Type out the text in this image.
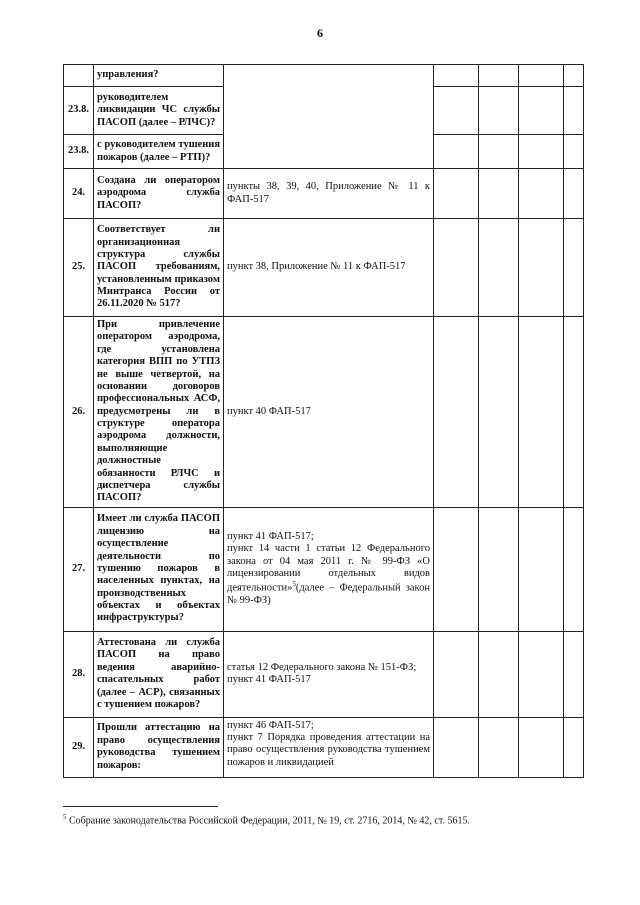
6
	управления?					
23.8.	руководителем ликвидации ЧС службы ПАСОП (далее – РЛЧС)?					
23.8.	с руководителем тушения пожаров (далее – РТП)?					
24.	Создана ли оператором аэродрома служба ПАСОП?	пункты 38, 39, 40, Приложение № 11 к ФАП-517				

25.	Соответствует ли организационная структура службы ПАСОП требованиям, установленным приказом Минтранса России от 26.11.2020 № 517?	пункт 38, Приложение № 11 к ФАП-517				

26.	При привлечение оператором аэродрома, где установлена категория ВПП по УТПЗ не выше четвертой, на основании договоров профессиональных АСФ, предусмотрены ли в структуре оператора аэродрома должности, выполняющие должностные обязанности РЛЧС и диспетчера службы ПАСОП?	пункт 40 ФАП-517				

27.	Имеет ли служба ПАСОП лицензию на осуществление деятельности по тушению пожаров в населенных пунктах, на производственных объектах и объектах инфраструктуры?	пункт 41 ФАП-517;

пункт 14 части 1 статьи 12 Федерального закона от 04 мая 2011 г. № 99-ФЗ «О лицензировании отдельных видов деятельности»$^5$(далее – Федеральный закон № 99-ФЗ)				

28.	Аттестована ли служба ПАСОП на право ведения аварийно-спасательных работ (далее – АСР), связанных с тушением пожаров?	статья 12 Федерального закона № 151-ФЗ;

пункт 41 ФАП-517				

29.	Прошли аттестацию на право осуществления руководства тушением пожаров:	пункт 46 ФАП-517;

пункт 7 Порядка проведения аттестации на право осуществления руководства тушением пожаров и ликвидацией				

$^5$ Собрание законодательства Российской Федерации, 2011, № 19, ст. 2716, 2014, № 42, ст. 5615.
